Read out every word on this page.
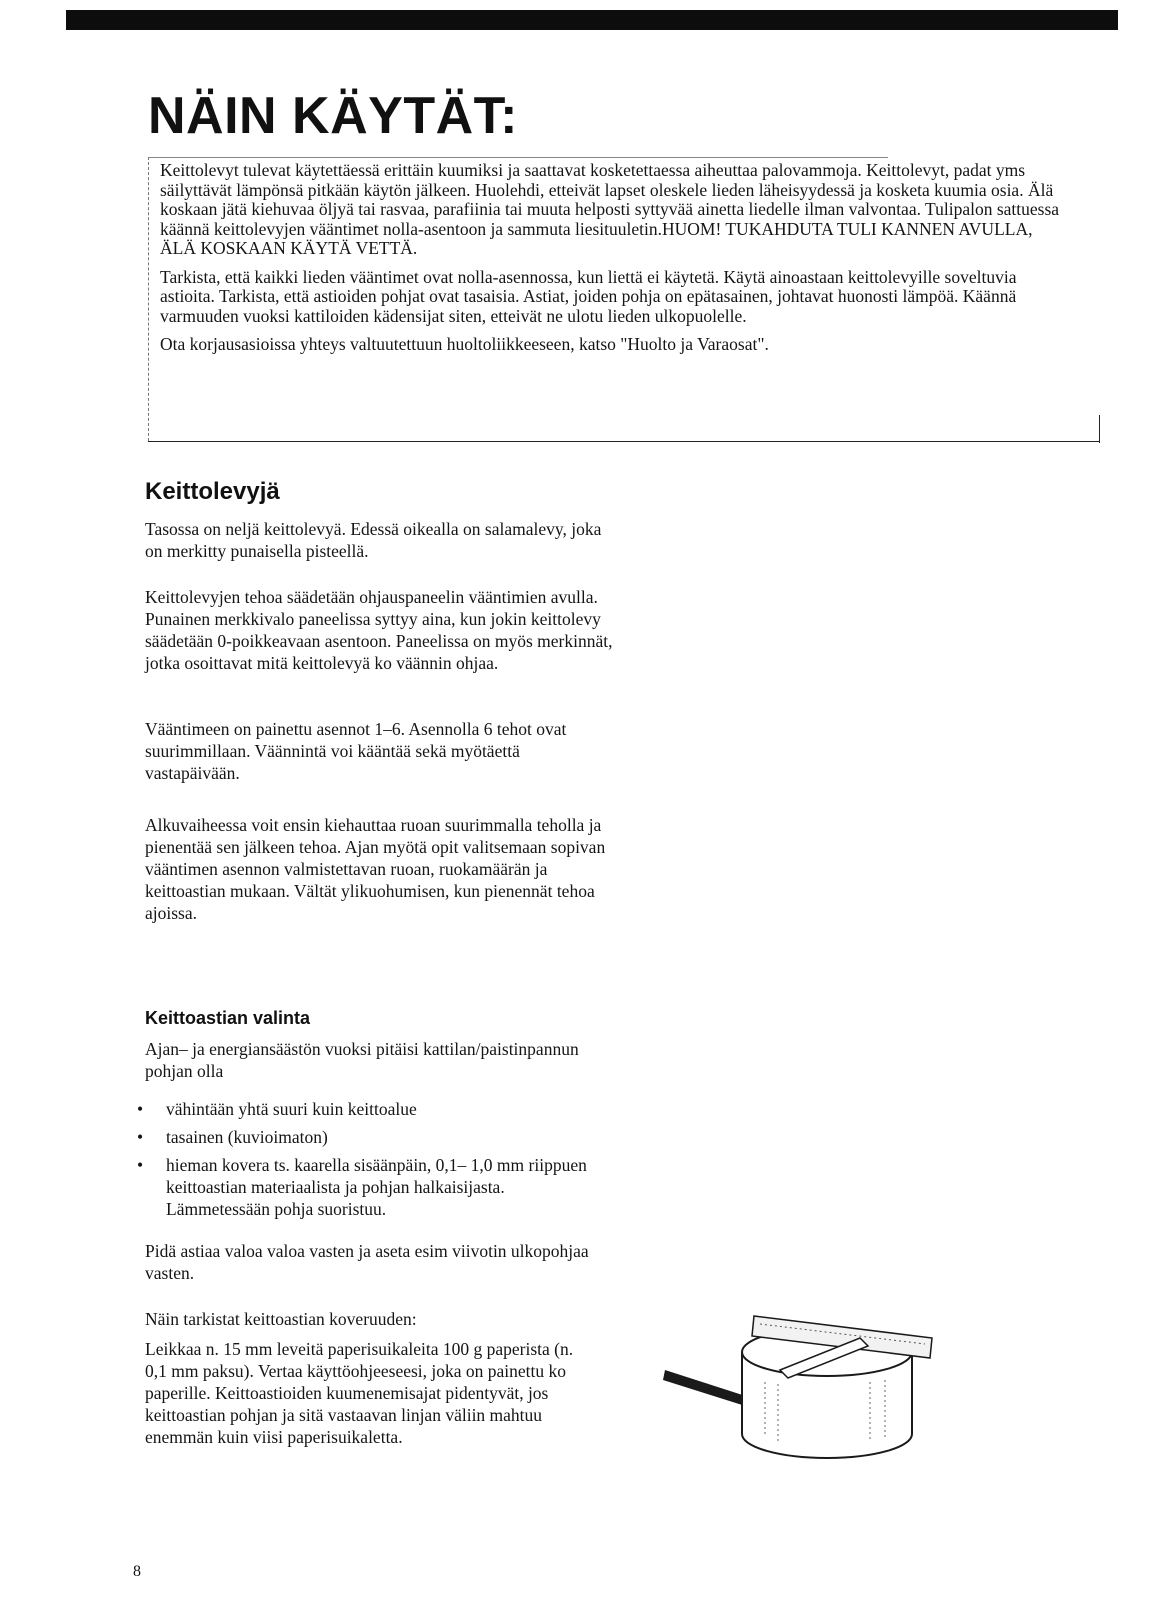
NÄIN KÄYTÄT:

Keittolevyt tulevat käytettäessä erittäin kuumiksi ja saattavat kosketettaessa aiheuttaa palovammoja. Keittolevyt, padat yms säilyttävät lämpönsä pitkään käytön jälkeen. Huolehdi, etteivät lapset oleskele lieden läheisyydessä ja kosketa kuumia osia. Älä koskaan jätä kiehuvaa öljyä tai rasvaa, parafiinia tai muuta helposti syttyvää ainetta liedelle ilman valvontaa. Tulipalon sattuessa käännä keittolevyjen vääntimet nolla-asentoon ja sammuta liesituuletin.HUOM! TUKAHDUTA TULI KANNEN AVULLA, ÄLÄ KOSKAAN KÄYTÄ VETTÄ.

Tarkista, että kaikki lieden vääntimet ovat nolla-asennossa, kun liettä ei käytetä. Käytä ainoastaan keittolevyille soveltuvia astioita. Tarkista, että astioiden pohjat ovat tasaisia. Astiat, joiden pohja on epätasainen, johtavat huonosti lämpöä. Käännä varmuuden vuoksi kattiloiden kädensijat siten, etteivät ne ulotu lieden ulkopuolelle.

Ota korjausasioissa yhteys valtuutettuun huoltoliikkeeseen, katso "Huolto ja Varaosat".

Keittolevyjä

Tasossa on neljä keittolevyä. Edessä oikealla on salamalevy, joka on merkitty punaisella pisteellä.

Keittolevyjen tehoa säädetään ohjauspaneelin vääntimien avulla. Punainen merkkivalo paneelissa syttyy aina, kun jokin keittolevy säädetään 0-poikkeavaan asentoon. Paneelissa on myös merkinnät, jotka osoittavat mitä keittolevyä ko väännin ohjaa.

Vääntimeen on painettu asennot 1–6. Asennolla 6 tehot ovat suurimmillaan. Väännintä voi kääntää sekä myötäettä vastapäivään.

Alkuvaiheessa voit ensin kiehauttaa ruoan suurimmalla teholla ja pienentää sen jälkeen tehoa. Ajan myötä opit valitsemaan sopivan vääntimen asennon valmistettavan ruoan, ruokamäärän ja keittoastian mukaan. Vältät ylikuohumisen, kun pienennät tehoa ajoissa.

Keittoastian valinta

Ajan– ja energiansäästön vuoksi pitäisi kattilan/paistinpannun pohjan olla

• vähintään yhtä suuri kuin keittoalue
• tasainen (kuvioimaton)
• hieman kovera ts. kaarella sisäänpäin, 0,1– 1,0 mm riippuen keittoastian materiaalista ja pohjan halkaisijasta. Lämmetessään pohja suoristuu.

Pidä astiaa valoa valoa vasten ja aseta esim viivotin ulkopohjaa vasten.

Näin tarkistat keittoastian koveruuden:

Leikkaa n. 15 mm leveitä paperisuikaleita 100 g paperista (n. 0,1 mm paksu). Vertaa käyttöohjeeseesi, joka on painettu ko paperille. Keittoastioiden kuumenemisajat pidentyvät, jos keittoastian pohjan ja sitä vastaavan linjan väliin mahtuu enemmän kuin viisi paperisuikaletta.

8
